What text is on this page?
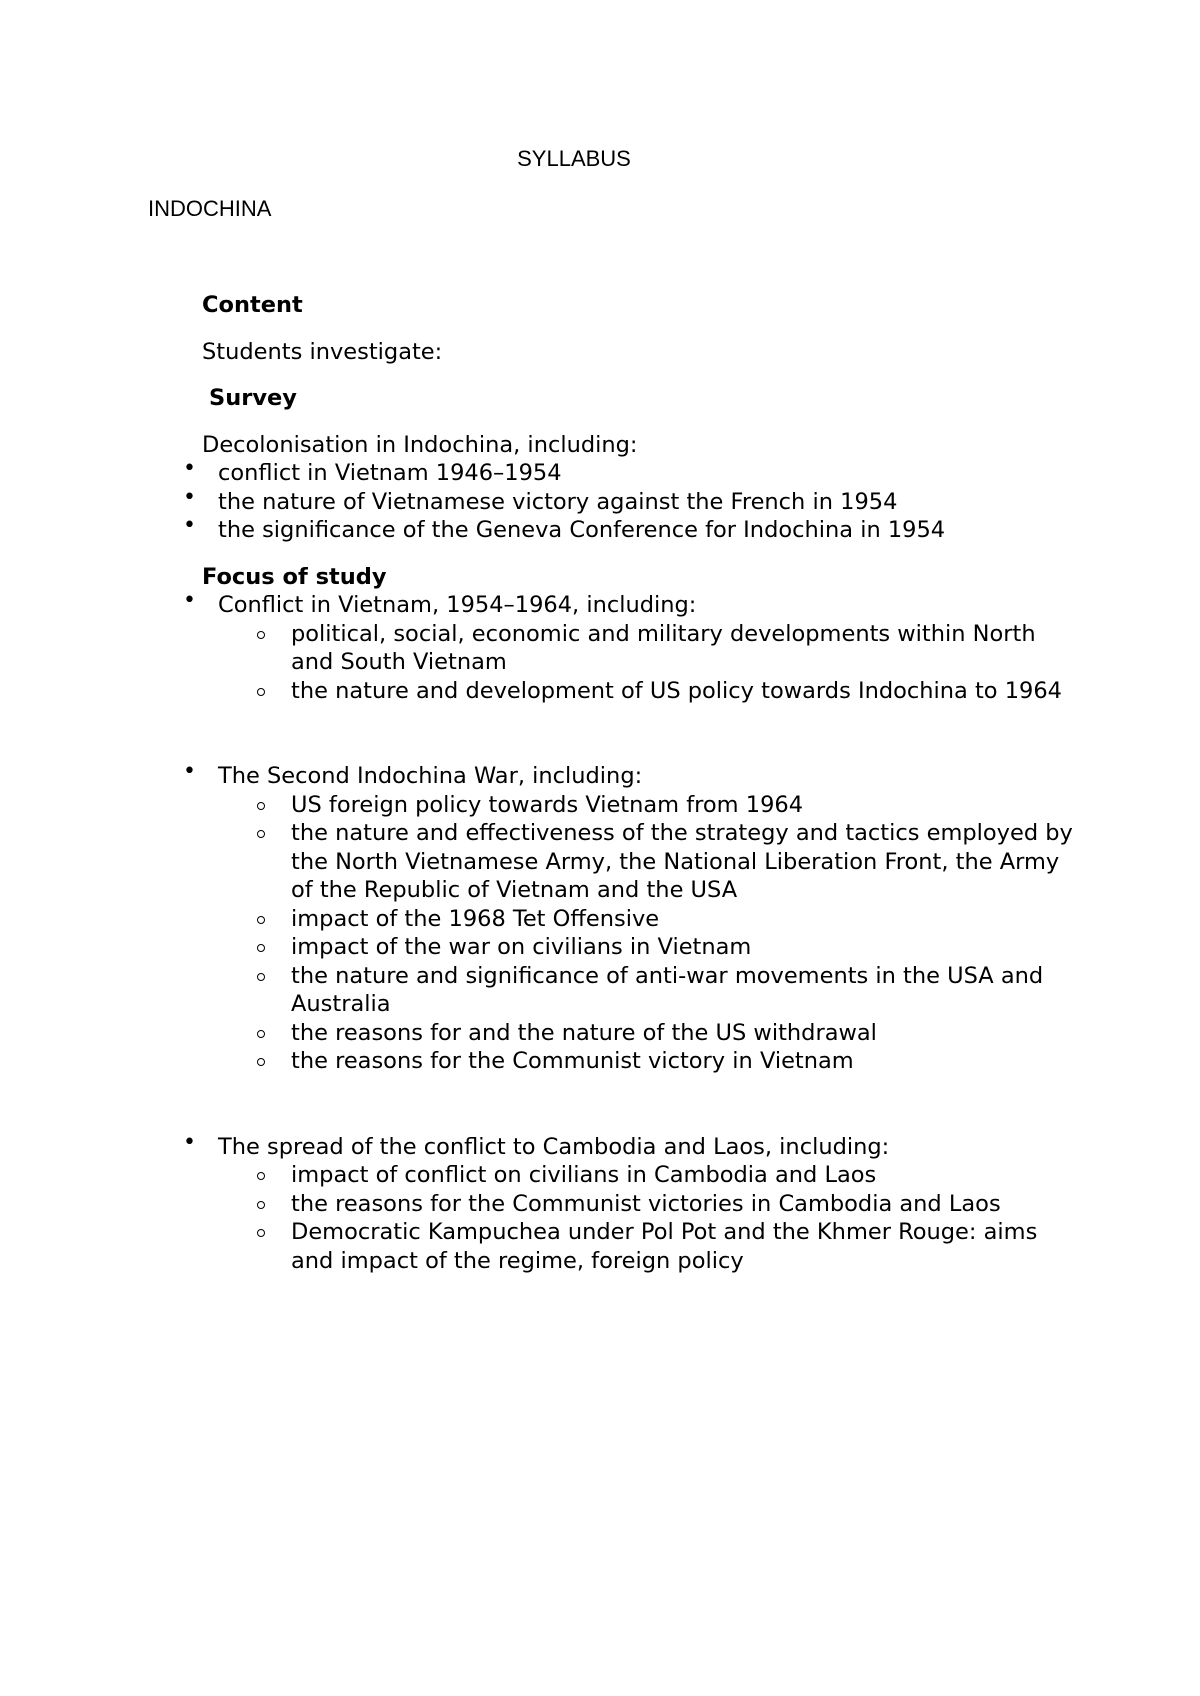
SYLLABUS
INDOCHINA

Content

Students investigate:

Survey

Decolonisation in Indochina, including:

• conflict in Vietnam 1946–1954
• the nature of Vietnamese victory against the French in 1954
• the significance of the Geneva Conference for Indochina in 1954

Focus of study

• Conflict in Vietnam, 1954–1964, including:
political, social, economic and military developments within North and South Vietnam
the nature and development of US policy towards Indochina to 1964
• The Second Indochina War, including:
US foreign policy towards Vietnam from 1964
the nature and effectiveness of the strategy and tactics employed by the North Vietnamese Army, the National Liberation Front, the Army of the Republic of Vietnam and the USA
impact of the 1968 Tet Offensive
impact of the war on civilians in Vietnam
the nature and significance of anti-war movements in the USA and Australia
the reasons for and the nature of the US withdrawal
the reasons for the Communist victory in Vietnam
• The spread of the conflict to Cambodia and Laos, including:
impact of conflict on civilians in Cambodia and Laos
the reasons for the Communist victories in Cambodia and Laos
Democratic Kampuchea under Pol Pot and the Khmer Rouge: aims and impact of the regime, foreign policy
